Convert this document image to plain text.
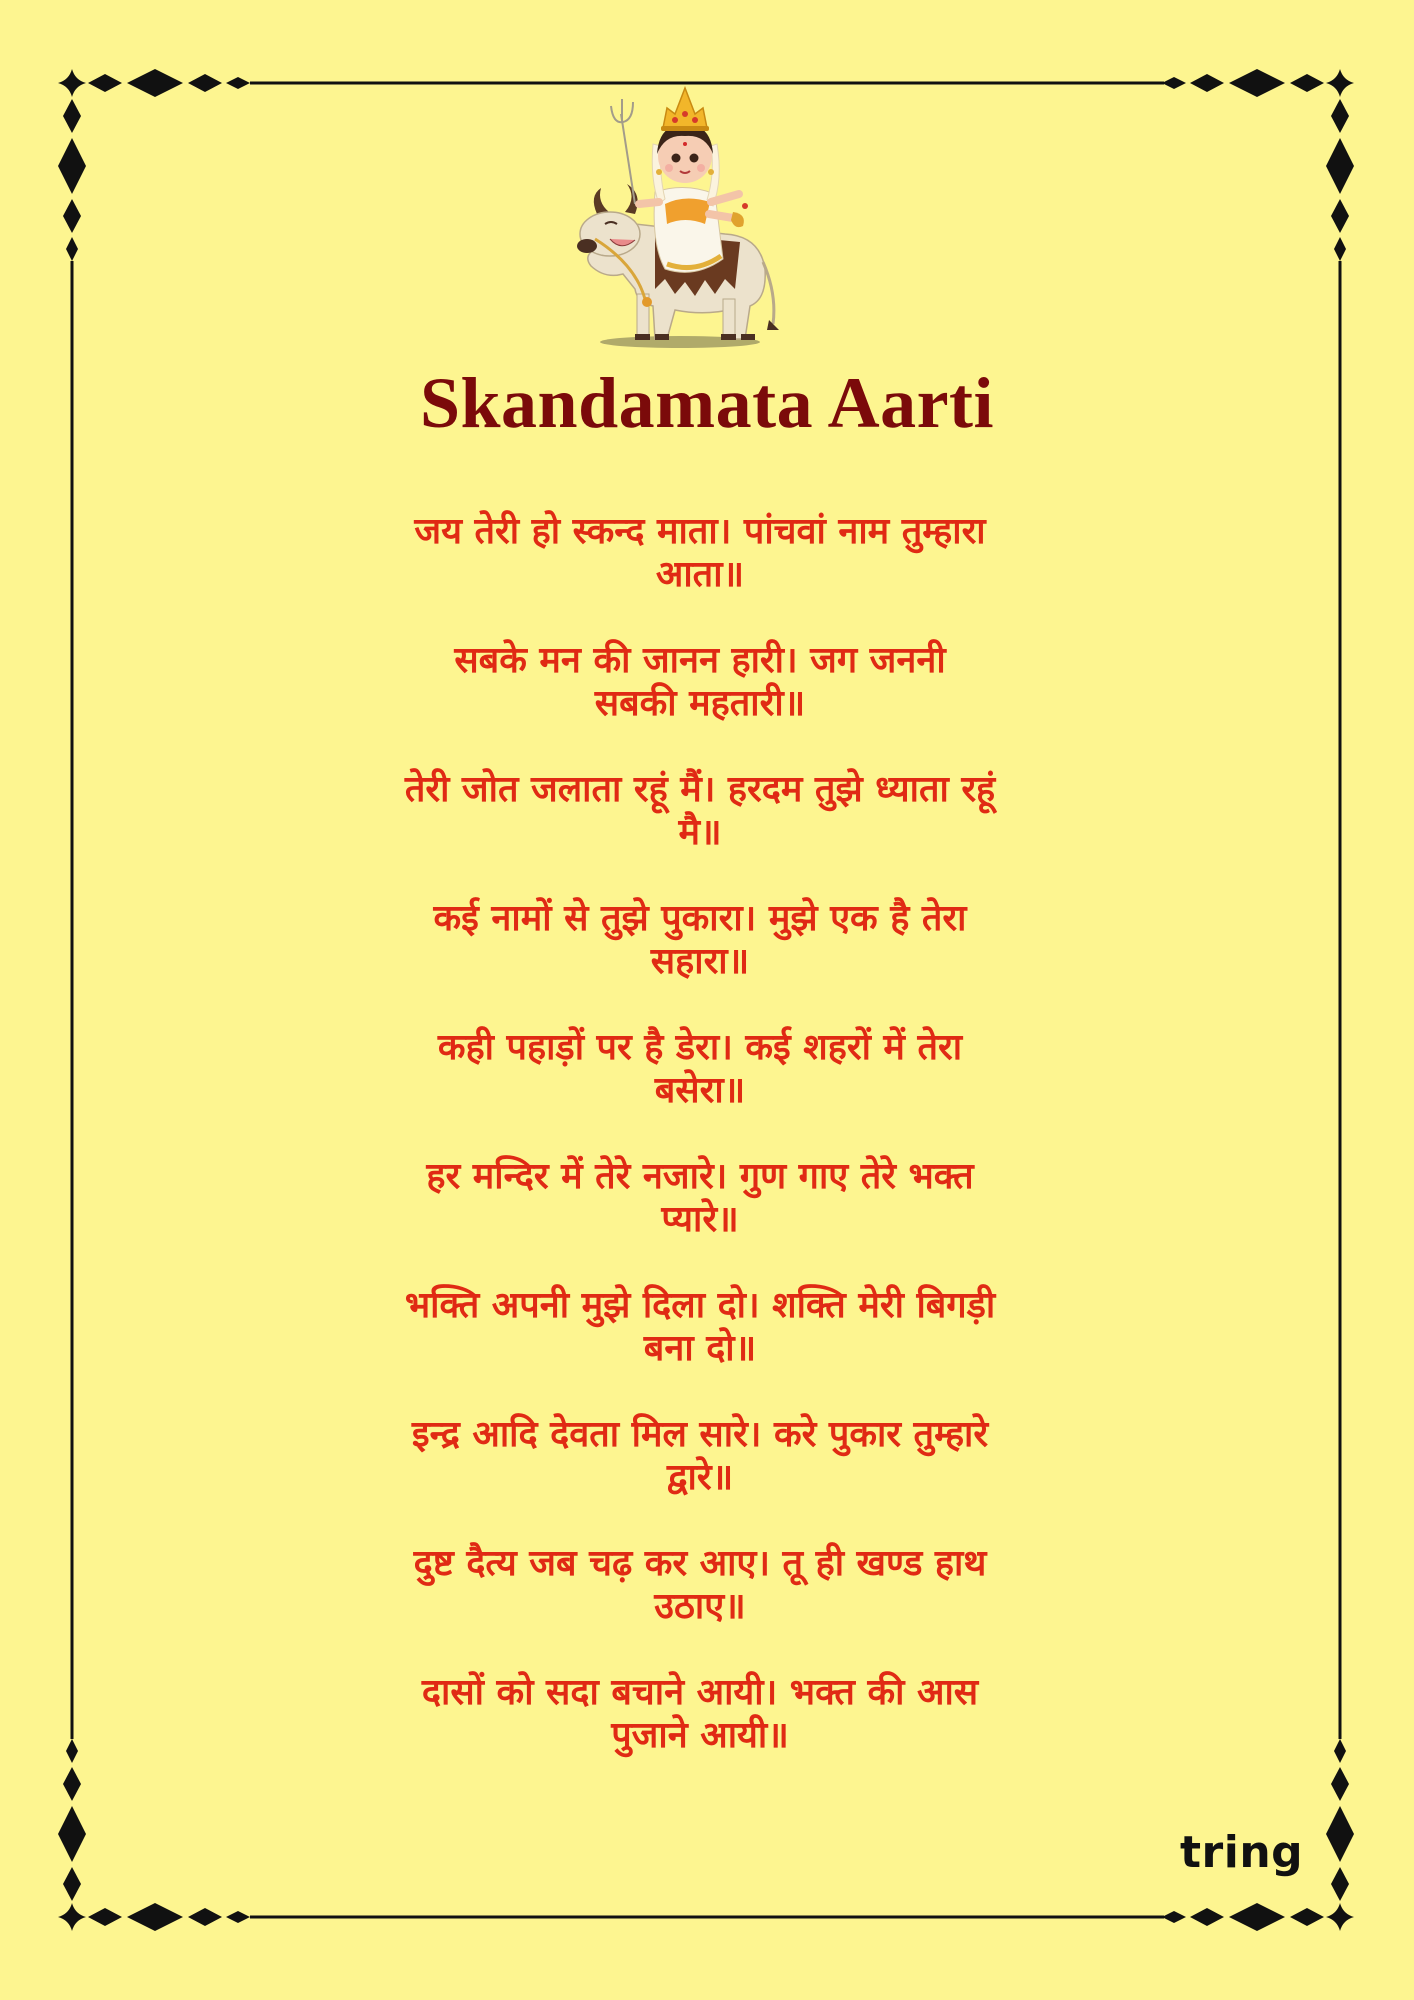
Skandamata Aarti
जय तेरी हो स्कन्द माता। पांचवां नाम तुम्हारा
आता॥
सबके मन की जानन हारी। जग जननी
सबकी महतारी॥
तेरी जोत जलाता रहूं मैं। हरदम तुझे ध्याता रहूं
मै॥
कई नामों से तुझे पुकारा। मुझे एक है तेरा
सहारा॥
कही पहाड़ों पर है डेरा। कई शहरों में तेरा
बसेरा॥
हर मन्दिर में तेरे नजारे। गुण गाए तेरे भक्त
प्यारे॥
भक्ति अपनी मुझे दिला दो। शक्ति मेरी बिगड़ी
बना दो॥
इन्द्र आदि देवता मिल सारे। करे पुकार तुम्हारे
द्वारे॥
दुष्ट दैत्य जब चढ़ कर आए। तू ही खण्ड हाथ
उठाए॥
दासों को सदा बचाने आयी। भक्त की आस
पुजाने आयी॥
tring
